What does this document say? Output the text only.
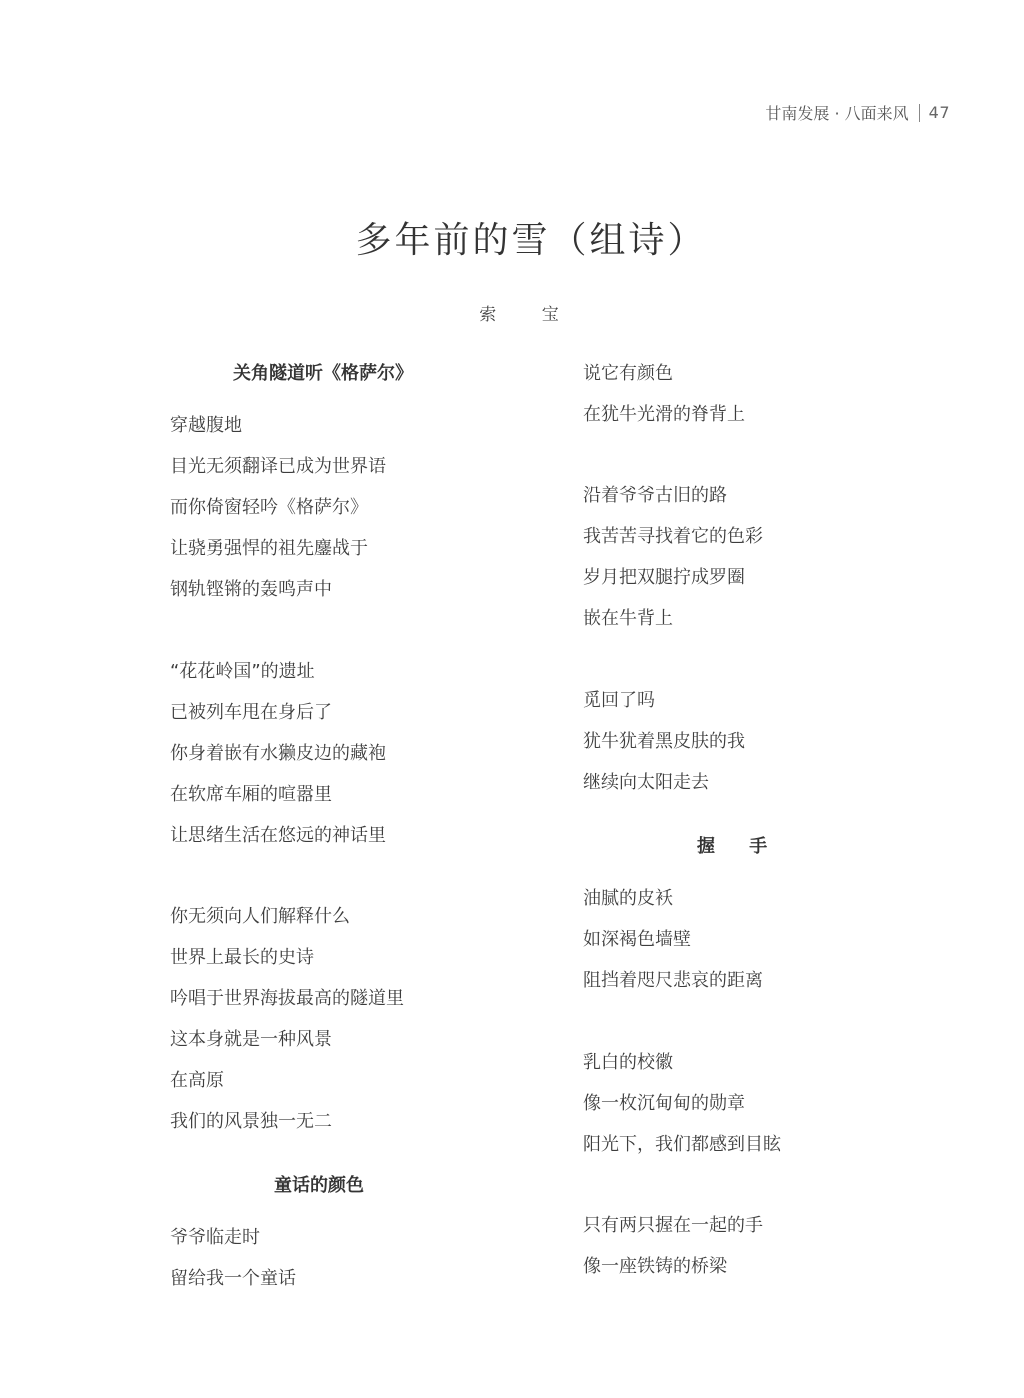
甘南发展 · 八面来风 47
多年前的雪（组诗）
索 宝
关角隧道听《格萨尔》
穿越腹地
目光无须翻译已成为世界语
而你倚窗轻吟《格萨尔》
让骁勇强悍的祖先鏖战于
钢轨铿锵的轰鸣声中
“花花岭国”的遗址
已被列车甩在身后了
你身着嵌有水獭皮边的藏袍
在软席车厢的喧嚣里
让思绪生活在悠远的神话里
你无须向人们解释什么
世界上最长的史诗
吟唱于世界海拔最高的隧道里
这本身就是一种风景
在高原
我们的风景独一无二
童话的颜色
爷爷临走时
留给我一个童话
说它有颜色
在犹牛光滑的脊背上
沿着爷爷古旧的路
我苦苦寻找着它的色彩
岁月把双腿拧成罗圈
嵌在牛背上
觅回了吗
犹牛犹着黑皮肤的我
继续向太阳走去
握 手
油腻的皮袄
如深褐色墙壁
阻挡着咫尺悲哀的距离
乳白的校徽
像一枚沉甸甸的勋章
阳光下，我们都感到目眩
只有两只握在一起的手
像一座铁铸的桥梁
